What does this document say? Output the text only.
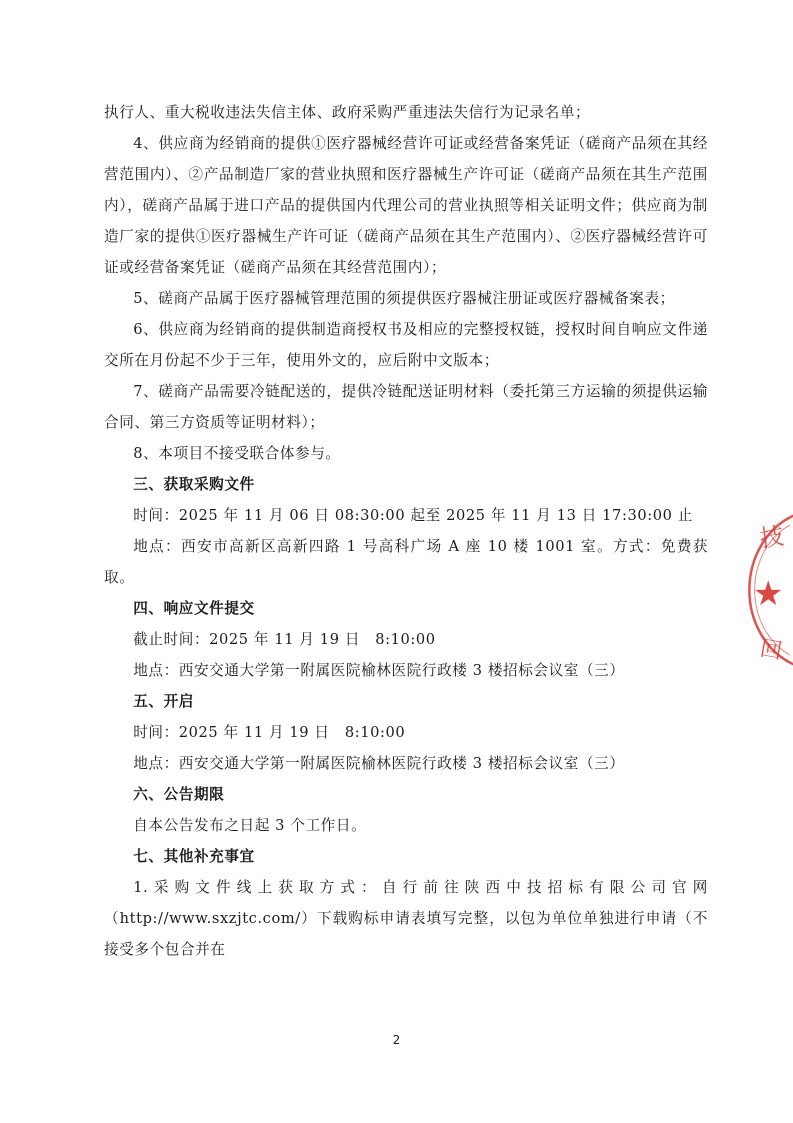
执行人、重大税收违法失信主体、政府采购严重违法失信行为记录名单；

4、供应商为经销商的提供①医疗器械经营许可证或经营备案凭证（磋商产品须在其经营范围内）、②产品制造厂家的营业执照和医疗器械生产许可证（磋商产品须在其生产范围内），磋商产品属于进口产品的提供国内代理公司的营业执照等相关证明文件；供应商为制造厂家的提供①医疗器械生产许可证（磋商产品须在其生产范围内）、②医疗器械经营许可证或经营备案凭证（磋商产品须在其经营范围内）；

5、磋商产品属于医疗器械管理范围的须提供医疗器械注册证或医疗器械备案表；

6、供应商为经销商的提供制造商授权书及相应的完整授权链，授权时间自响应文件递交所在月份起不少于三年，使用外文的，应后附中文版本；

7、磋商产品需要冷链配送的，提供冷链配送证明材料（委托第三方运输的须提供运输合同、第三方资质等证明材料）；

8、本项目不接受联合体参与。

三、获取采购文件

时间：2025 年 11 月 06 日 08:30:00 起至 2025 年 11 月 13 日 17:30:00 止

地点：西安市高新区高新四路 1 号高科广场 A 座 10 楼 1001 室。方式：免费获取。

四、响应文件提交

截止时间：2025 年 11 月 19 日　8:10:00

地点：西安交通大学第一附属医院榆林医院行政楼 3 楼招标会议室（三）

五、开启

时间：2025 年 11 月 19 日　8:10:00

地点：西安交通大学第一附属医院榆林医院行政楼 3 楼招标会议室（三）

六、公告期限

自本公告发布之日起 3 个工作日。

七、其他补充事宜

1.采购文件线上获取方式：自行前往陕西中技招标有限公司官网（http://www.sxzjtc.com/）下载购标申请表填写完整，以包为单位单独进行申请（不接受多个包合并在

2
技
★
回
